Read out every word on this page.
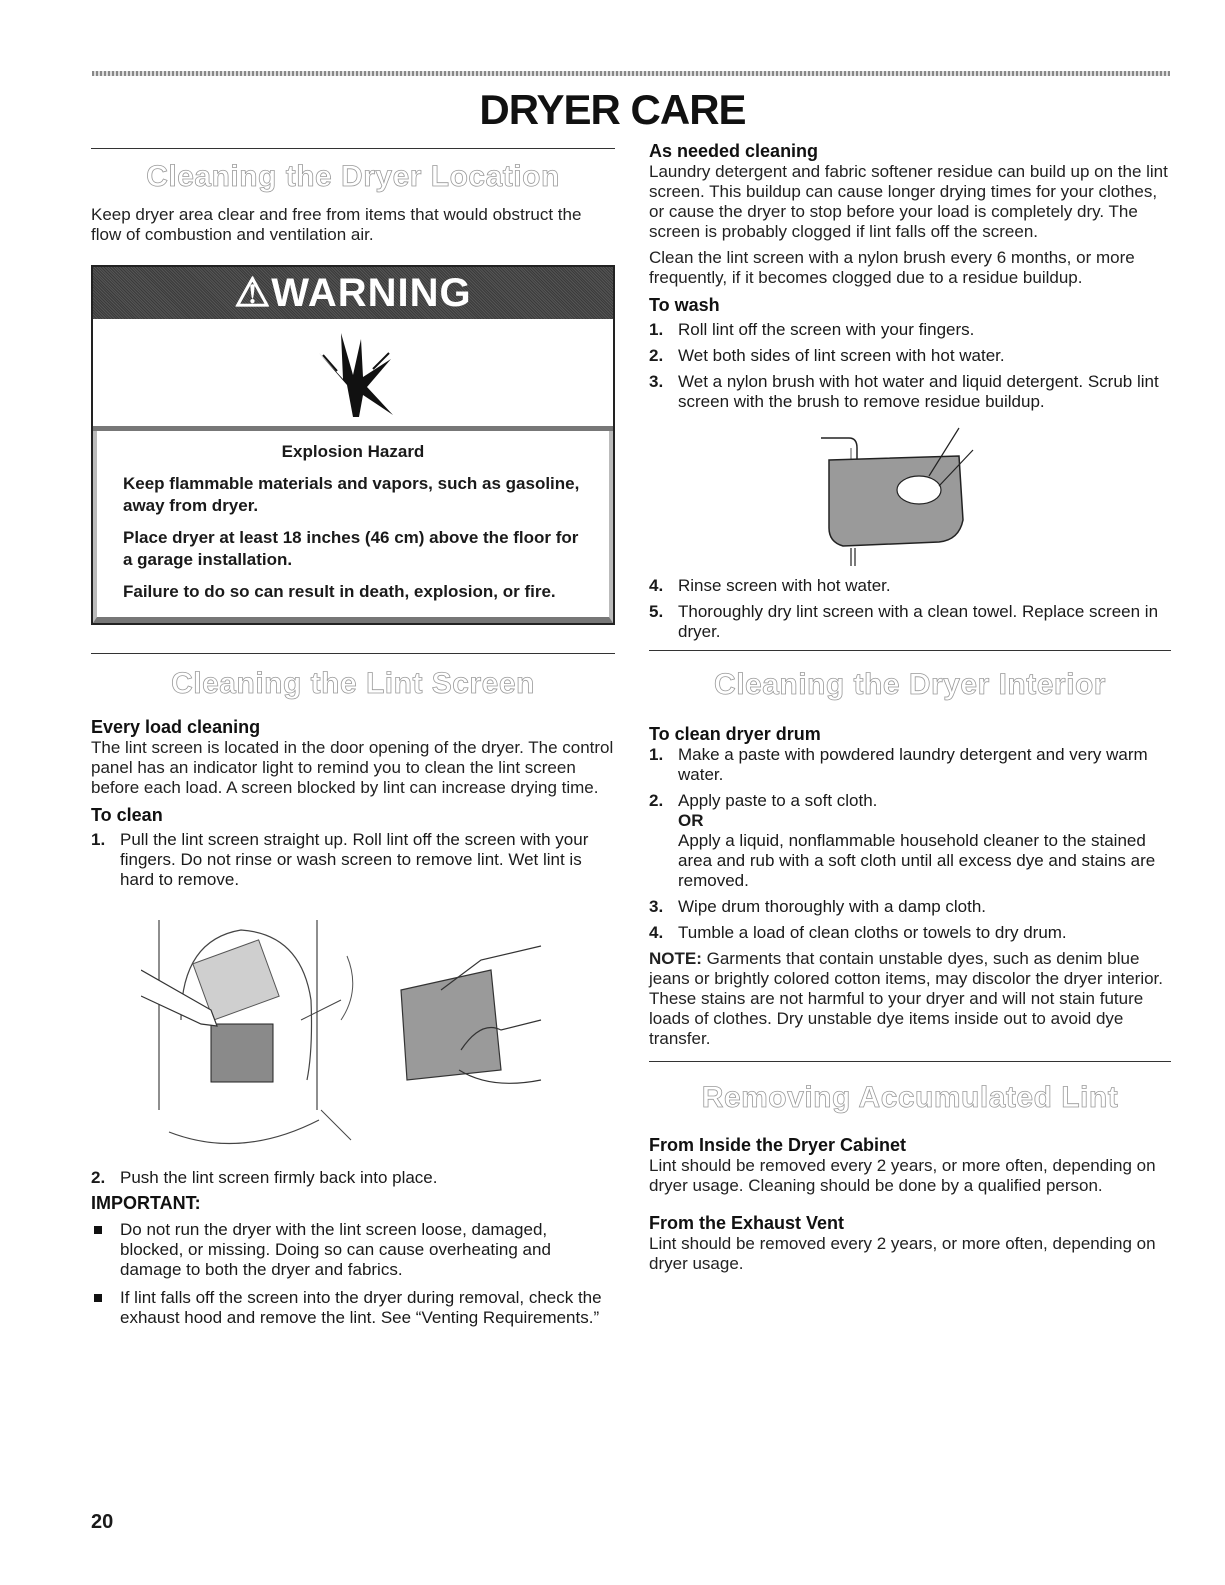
DRYER CARE
Cleaning the Dryer Location

Keep dryer area clear and free from items that would obstruct the flow of combustion and ventilation air.

⚠WARNING
Explosion Hazard

Keep flammable materials and vapors, such as gasoline, away from dryer.

Place dryer at least 18 inches (46 cm) above the floor for a garage installation.

Failure to do so can result in death, explosion, or fire.

Cleaning the Lint Screen
Every load cleaning

The lint screen is located in the door opening of the dryer. The control panel has an indicator light to remind you to clean the lint screen before each load. A screen blocked by lint can increase drying time.

To clean
1. Pull the lint screen straight up. Roll lint off the screen with your fingers. Do not rinse or wash screen to remove lint. Wet lint is hard to remove.
2. Push the lint screen firmly back into place.
IMPORTANT:
Do not run the dryer with the lint screen loose, damaged, blocked, or missing. Doing so can cause overheating and damage to both the dryer and fabrics.
If lint falls off the screen into the dryer during removal, check the exhaust hood and remove the lint. See “Venting Requirements.”
As needed cleaning

Laundry detergent and fabric softener residue can build up on the lint screen. This buildup can cause longer drying times for your clothes, or cause the dryer to stop before your load is completely dry. The screen is probably clogged if lint falls off the screen.

Clean the lint screen with a nylon brush every 6 months, or more frequently, if it becomes clogged due to a residue buildup.

To wash
1. Roll lint off the screen with your fingers.
2. Wet both sides of lint screen with hot water.
3. Wet a nylon brush with hot water and liquid detergent. Scrub lint screen with the brush to remove residue buildup.
4. Rinse screen with hot water.
5. Thoroughly dry lint screen with a clean towel. Replace screen in dryer.
Cleaning the Dryer Interior
To clean dryer drum
1. Make a paste with powdered laundry detergent and very warm water.
2. Apply paste to a soft cloth.
OR
Apply a liquid, nonflammable household cleaner to the stained area and rub with a soft cloth until all excess dye and stains are removed.
3. Wipe drum thoroughly with a damp cloth.
4. Tumble a load of clean cloths or towels to dry drum.

NOTE: Garments that contain unstable dyes, such as denim blue jeans or brightly colored cotton items, may discolor the dryer interior. These stains are not harmful to your dryer and will not stain future loads of clothes. Dry unstable dye items inside out to avoid dye transfer.

Removing Accumulated Lint
From Inside the Dryer Cabinet

Lint should be removed every 2 years, or more often, depending on dryer usage. Cleaning should be done by a qualified person.

From the Exhaust Vent

Lint should be removed every 2 years, or more often, depending on dryer usage.

20
